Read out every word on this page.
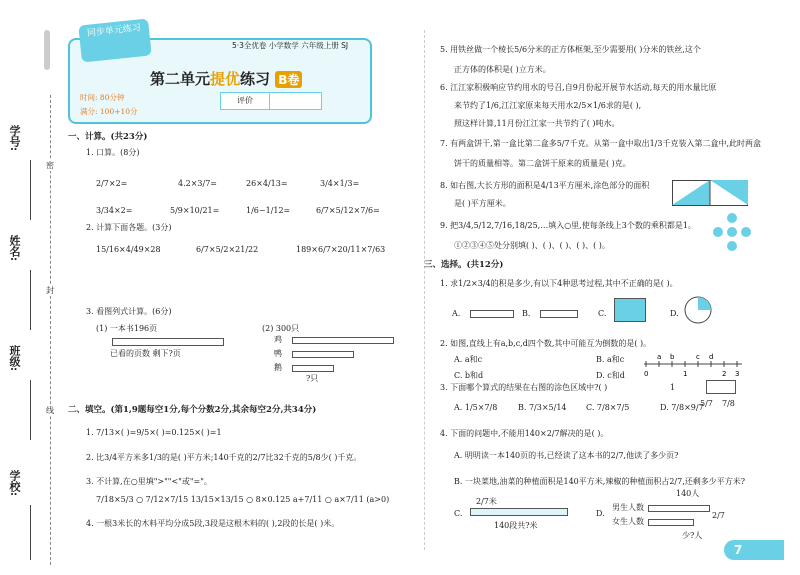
学号:
姓名:
班级:
学校:
密
封
线
同步单元练习
5·3全优卷 小学数学 六年级上册 SJ
第二单元提优练习 B卷
时间: 80分钟
满分: 100+10分
评价
一、计算。(共23分)
1. 口算。(8分)
2/7×2=	4.2×3/7=	26×4/13=	3/4×1/3=
3/34×2=	5/9×10/21=	1/6−1/12=	6/7×5/12×7/6=
2. 计算下面各题。(3分)
15/16×4/49×28	6/7×5/2×21/22	189×6/7×20/11×7/63
3. 看图列式计算。(6分)
(1) 一本书196页
已看的页数 剩下?页
(2) 300只
鸡
鸭
鹅
?只
二、填空。(第1,9题每空1分,每个分数2分,其余每空2分,共34分)
1. 7/13×( )=9/5×( )=0.125×( )=1
2. 比3/4平方米多1/3的是( )平方米;140千克的2/7比32千克的5/8少( )千克。
3. 不计算,在○里填">""<"或"="。
7/18×5/3 ○ 7/12×7/15 13/15×13/15 ○ 8×0.125 a+7/11 ○ a×7/11 (a>0)
4. 一根3米长的木料平均分成5段,3段是这根木料的( ),2段的长是( )米。
5. 用铁丝做一个棱长5/6分米的正方体框架,至少需要用( )分米的铁丝,这个
正方体的体积是( )立方米。
6. 江江家积极响应节约用水的号召,自9月份起开展节水活动,每天的用水量比原
来节约了1/6,江江家原来每天用水2/5×1/6求的是( ),
照这样计算,11月份江江家一共节约了( )吨水。
7. 有两盒饼干,第一盒比第二盒多5/7千克。从第一盒中取出1/3千克装入第二盒中,此时两盒
饼干的质量相等。第二盒饼干原来的质量是( )克。
8. 如右图,大长方形的面积是4/13平方厘米,涂色部分的面积
是( )平方厘米。
9. 把3/4,5/12,7/16,18/25,…填入○里,使每条线上3个数的乘积都是1。
①②③④⑤处分别填( )、( )、( )、( )、( )。
三、选择。(共12分)
1. 求1/2×3/4的积是多少,有以下4种思考过程,其中不正确的是( )。
A.	B.	C.	D.
2. 如图,直线上有a,b,c,d四个数,其中可能互为倒数的是( )。
A. a和c	B. a和c
C. b和d	D. c和d	0
a b
1
c d
2 3
3. 下面哪个算式的结果在右图的涂色区域中?( )
A. 1/5×7/8	B. 7/3×5/14 C. 7/8×7/5	D. 7/8×9/7
5/7 7/8
1
4. 下面的问题中,不能用140×2/7解决的是( )。
A. 明明读一本140页的书,已经读了这本书的2/7,他读了多少页?
B. 一块菜地,油菜的种植面积是140平方米,辣椒的种植面积占2/7,还剩多少平方米?
C.
2/7米
140段共?米
D.
140人
男生人数
女生人数
2/7
少?人
7
